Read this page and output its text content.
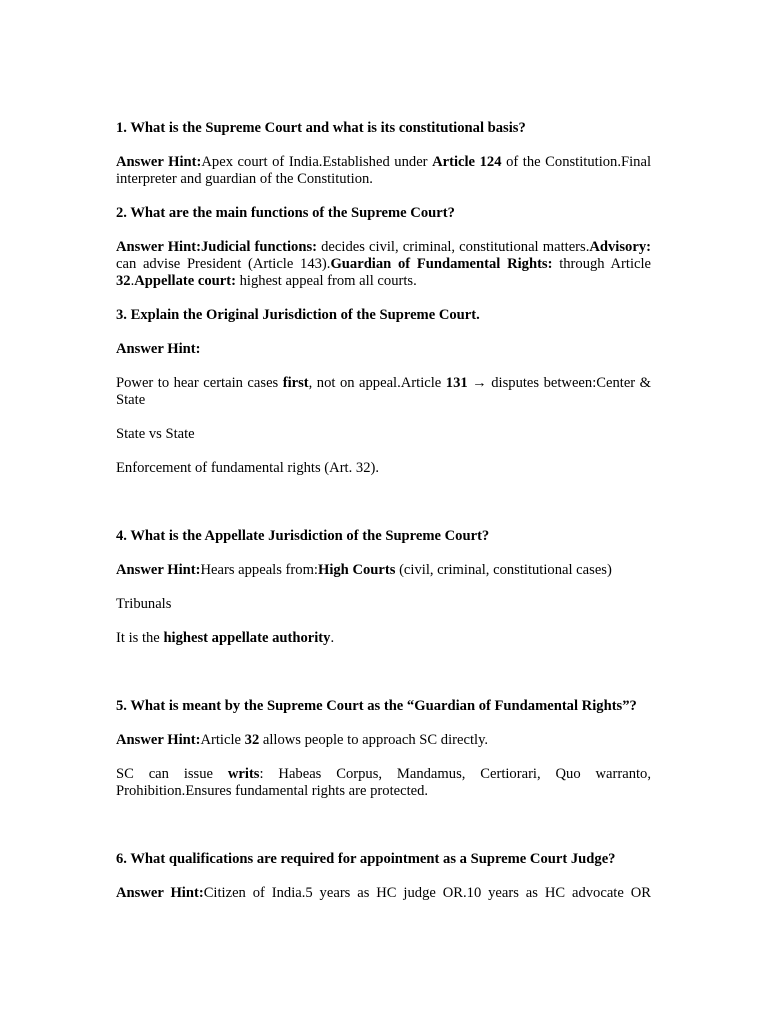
1. What is the Supreme Court and what is its constitutional basis?

Answer Hint:Apex court of India.Established under Article 124 of the Constitution.Final interpreter and guardian of the Constitution.

2. What are the main functions of the Supreme Court?

Answer Hint:Judicial functions: decides civil, criminal, constitutional matters.Advisory: can advise President (Article 143).Guardian of Fundamental Rights: through Article 32.Appellate court: highest appeal from all courts.

3. Explain the Original Jurisdiction of the Supreme Court.

Answer Hint:

Power to hear certain cases first, not on appeal.Article 131 → disputes between:Center & State

State vs State

Enforcement of fundamental rights (Art. 32).

4. What is the Appellate Jurisdiction of the Supreme Court?

Answer Hint:Hears appeals from:High Courts (civil, criminal, constitutional cases)

Tribunals

It is the highest appellate authority.

5. What is meant by the Supreme Court as the “Guardian of Fundamental Rights”?

Answer Hint:Article 32 allows people to approach SC directly.

SC can issue writs: Habeas Corpus, Mandamus, Certiorari, Quo warranto, Prohibition.Ensures fundamental rights are protected.

6. What qualifications are required for appointment as a Supreme Court Judge?

Answer Hint:Citizen of India.5 years as HC judge OR.10 years as HC advocate OR
